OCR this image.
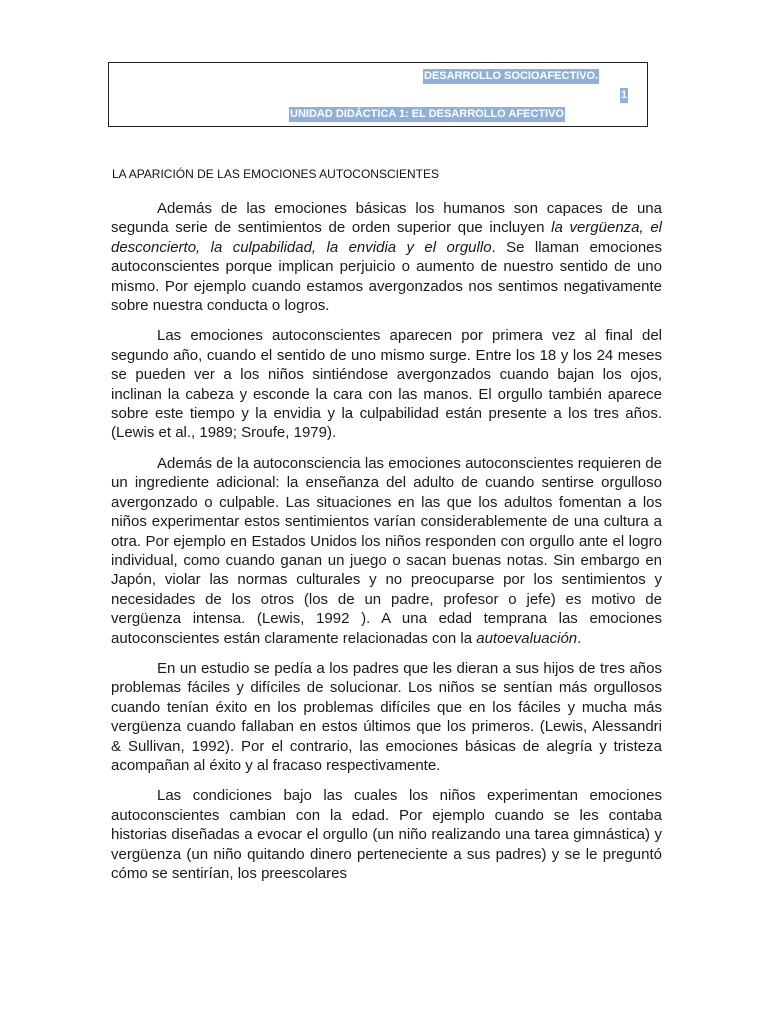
DESARROLLO SOCIOAFECTIVO.
1
UNIDAD DIDÁCTICA 1: EL DESARROLLO AFECTIVO
LA APARICIÓN DE LAS EMOCIONES AUTOCONSCIENTES

Además de las emociones básicas los humanos son capaces de una segunda serie de sentimientos de orden superior que incluyen la vergüenza, el desconcierto, la culpabilidad, la envidia y el orgullo. Se llaman emociones autoconscientes porque implican perjuicio o aumento de nuestro sentido de uno mismo. Por ejemplo cuando estamos avergonzados nos sentimos negativamente sobre nuestra conducta o logros.

Las emociones autoconscientes aparecen por primera vez al final del segundo año, cuando el sentido de uno mismo surge. Entre los 18 y los 24 meses se pueden ver a los niños sintiéndose avergonzados cuando bajan los ojos, inclinan la cabeza y esconde la cara con las manos. El orgullo también aparece sobre este tiempo y la envidia y la culpabilidad están presente a los tres años. (Lewis et al., 1989; Sroufe, 1979).

Además de la autoconsciencia las emociones autoconscientes requieren de un ingrediente adicional: la enseñanza del adulto de cuando sentirse orgulloso avergonzado o culpable. Las situaciones en las que los adultos fomentan a los niños experimentar estos sentimientos varían considerablemente de una cultura a otra. Por ejemplo en Estados Unidos los niños responden con orgullo ante el logro individual, como cuando ganan un juego o sacan buenas notas. Sin embargo en Japón, violar las normas culturales y no preocuparse por los sentimientos y necesidades de los otros (los de un padre, profesor o jefe) es motivo de vergüenza intensa. (Lewis, 1992 ). A una edad temprana las emociones autoconscientes están claramente relacionadas con la autoevaluación.

En un estudio se pedía a los padres que les dieran a sus hijos de tres años problemas fáciles y difíciles de solucionar. Los niños se sentían más orgullosos cuando tenían éxito en los problemas difíciles que en los fáciles y mucha más vergüenza cuando fallaban en estos últimos que los primeros. (Lewis, Alessandri & Sullivan, 1992). Por el contrario, las emociones básicas de alegría y tristeza acompañan al éxito y al fracaso respectivamente.

Las condiciones bajo las cuales los niños experimentan emociones autoconscientes cambian con la edad. Por ejemplo cuando se les contaba historias diseñadas a evocar el orgullo (un niño realizando una tarea gimnástica) y vergüenza (un niño quitando dinero perteneciente a sus padres) y se le preguntó cómo se sentirían, los preescolares
